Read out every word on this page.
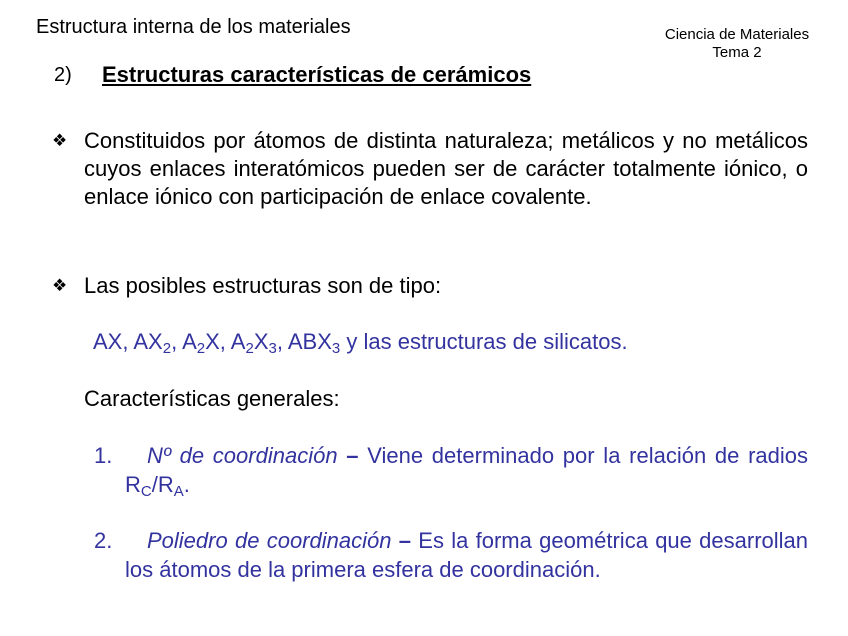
Estructura interna de los materiales	Ciencia de Materiales
Tema 2
2) Estructuras características de cerámicos
❖ Constituidos por átomos de distinta naturaleza; metálicos y no metálicos cuyos enlaces interatómicos pueden ser de carácter totalmente iónico, o enlace iónico con participación de enlace covalente.
❖ Las posibles estructuras son de tipo:
AX, $AX_2$, $A_2X$, $A_2X_3$, $ABX_3$ y las estructuras de silicatos.
Características generales:
1.	Nº de coordinación – Viene determinado por la relación de radios $R_C/R_A$.
2.	Poliedro de coordinación – Es la forma geométrica que desarrollan los átomos de la primera esfera de coordinación.
